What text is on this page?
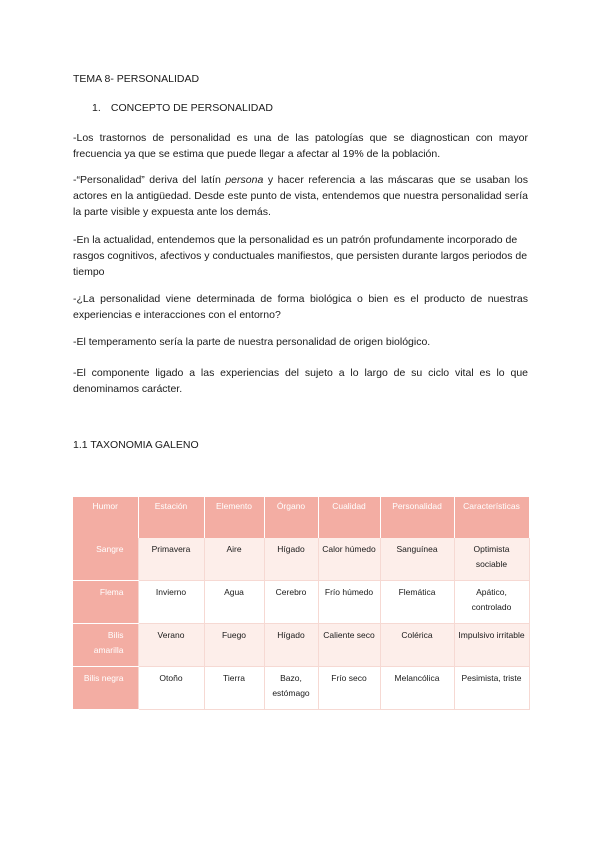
TEMA 8- PERSONALIDAD

1. CONCEPTO DE PERSONALIDAD

-Los trastornos de personalidad es una de las patologías que se diagnostican con mayor frecuencia ya que se estima que puede llegar a afectar al 19% de la población.

-“Personalidad” deriva del latín persona y hacer referencia a las máscaras que se usaban los actores en la antigüedad. Desde este punto de vista, entendemos que nuestra personalidad sería la parte visible y expuesta ante los demás.

-En la actualidad, entendemos que la personalidad es un patrón profundamente incorporado de rasgos cognitivos, afectivos y conductuales manifiestos, que persisten durante largos periodos de tiempo

-¿La personalidad viene determinada de forma biológica o bien es el producto de nuestras experiencias e interacciones con el entorno?

-El temperamento sería la parte de nuestra personalidad de origen biológico.

-El componente ligado a las experiencias del sujeto a lo largo de su ciclo vital es lo que denominamos carácter.

1.1 TAXONOMIA GALENO

Humor	Estación	Elemento	Órgano	Cualidad	Personalidad	Características
Sangre	Primavera	Aire	Hígado	Calor húmedo	Sanguínea	Optimista sociable
Flema	Invierno	Agua	Cerebro	Frío húmedo	Flemática	Apático, controlado
Bilis amarilla	Verano	Fuego	Hígado	Caliente seco	Colérica	Impulsivo irritable
Bilis negra	Otoño	Tierra	Bazo, estómago	Frío seco	Melancólica	Pesimista, triste
